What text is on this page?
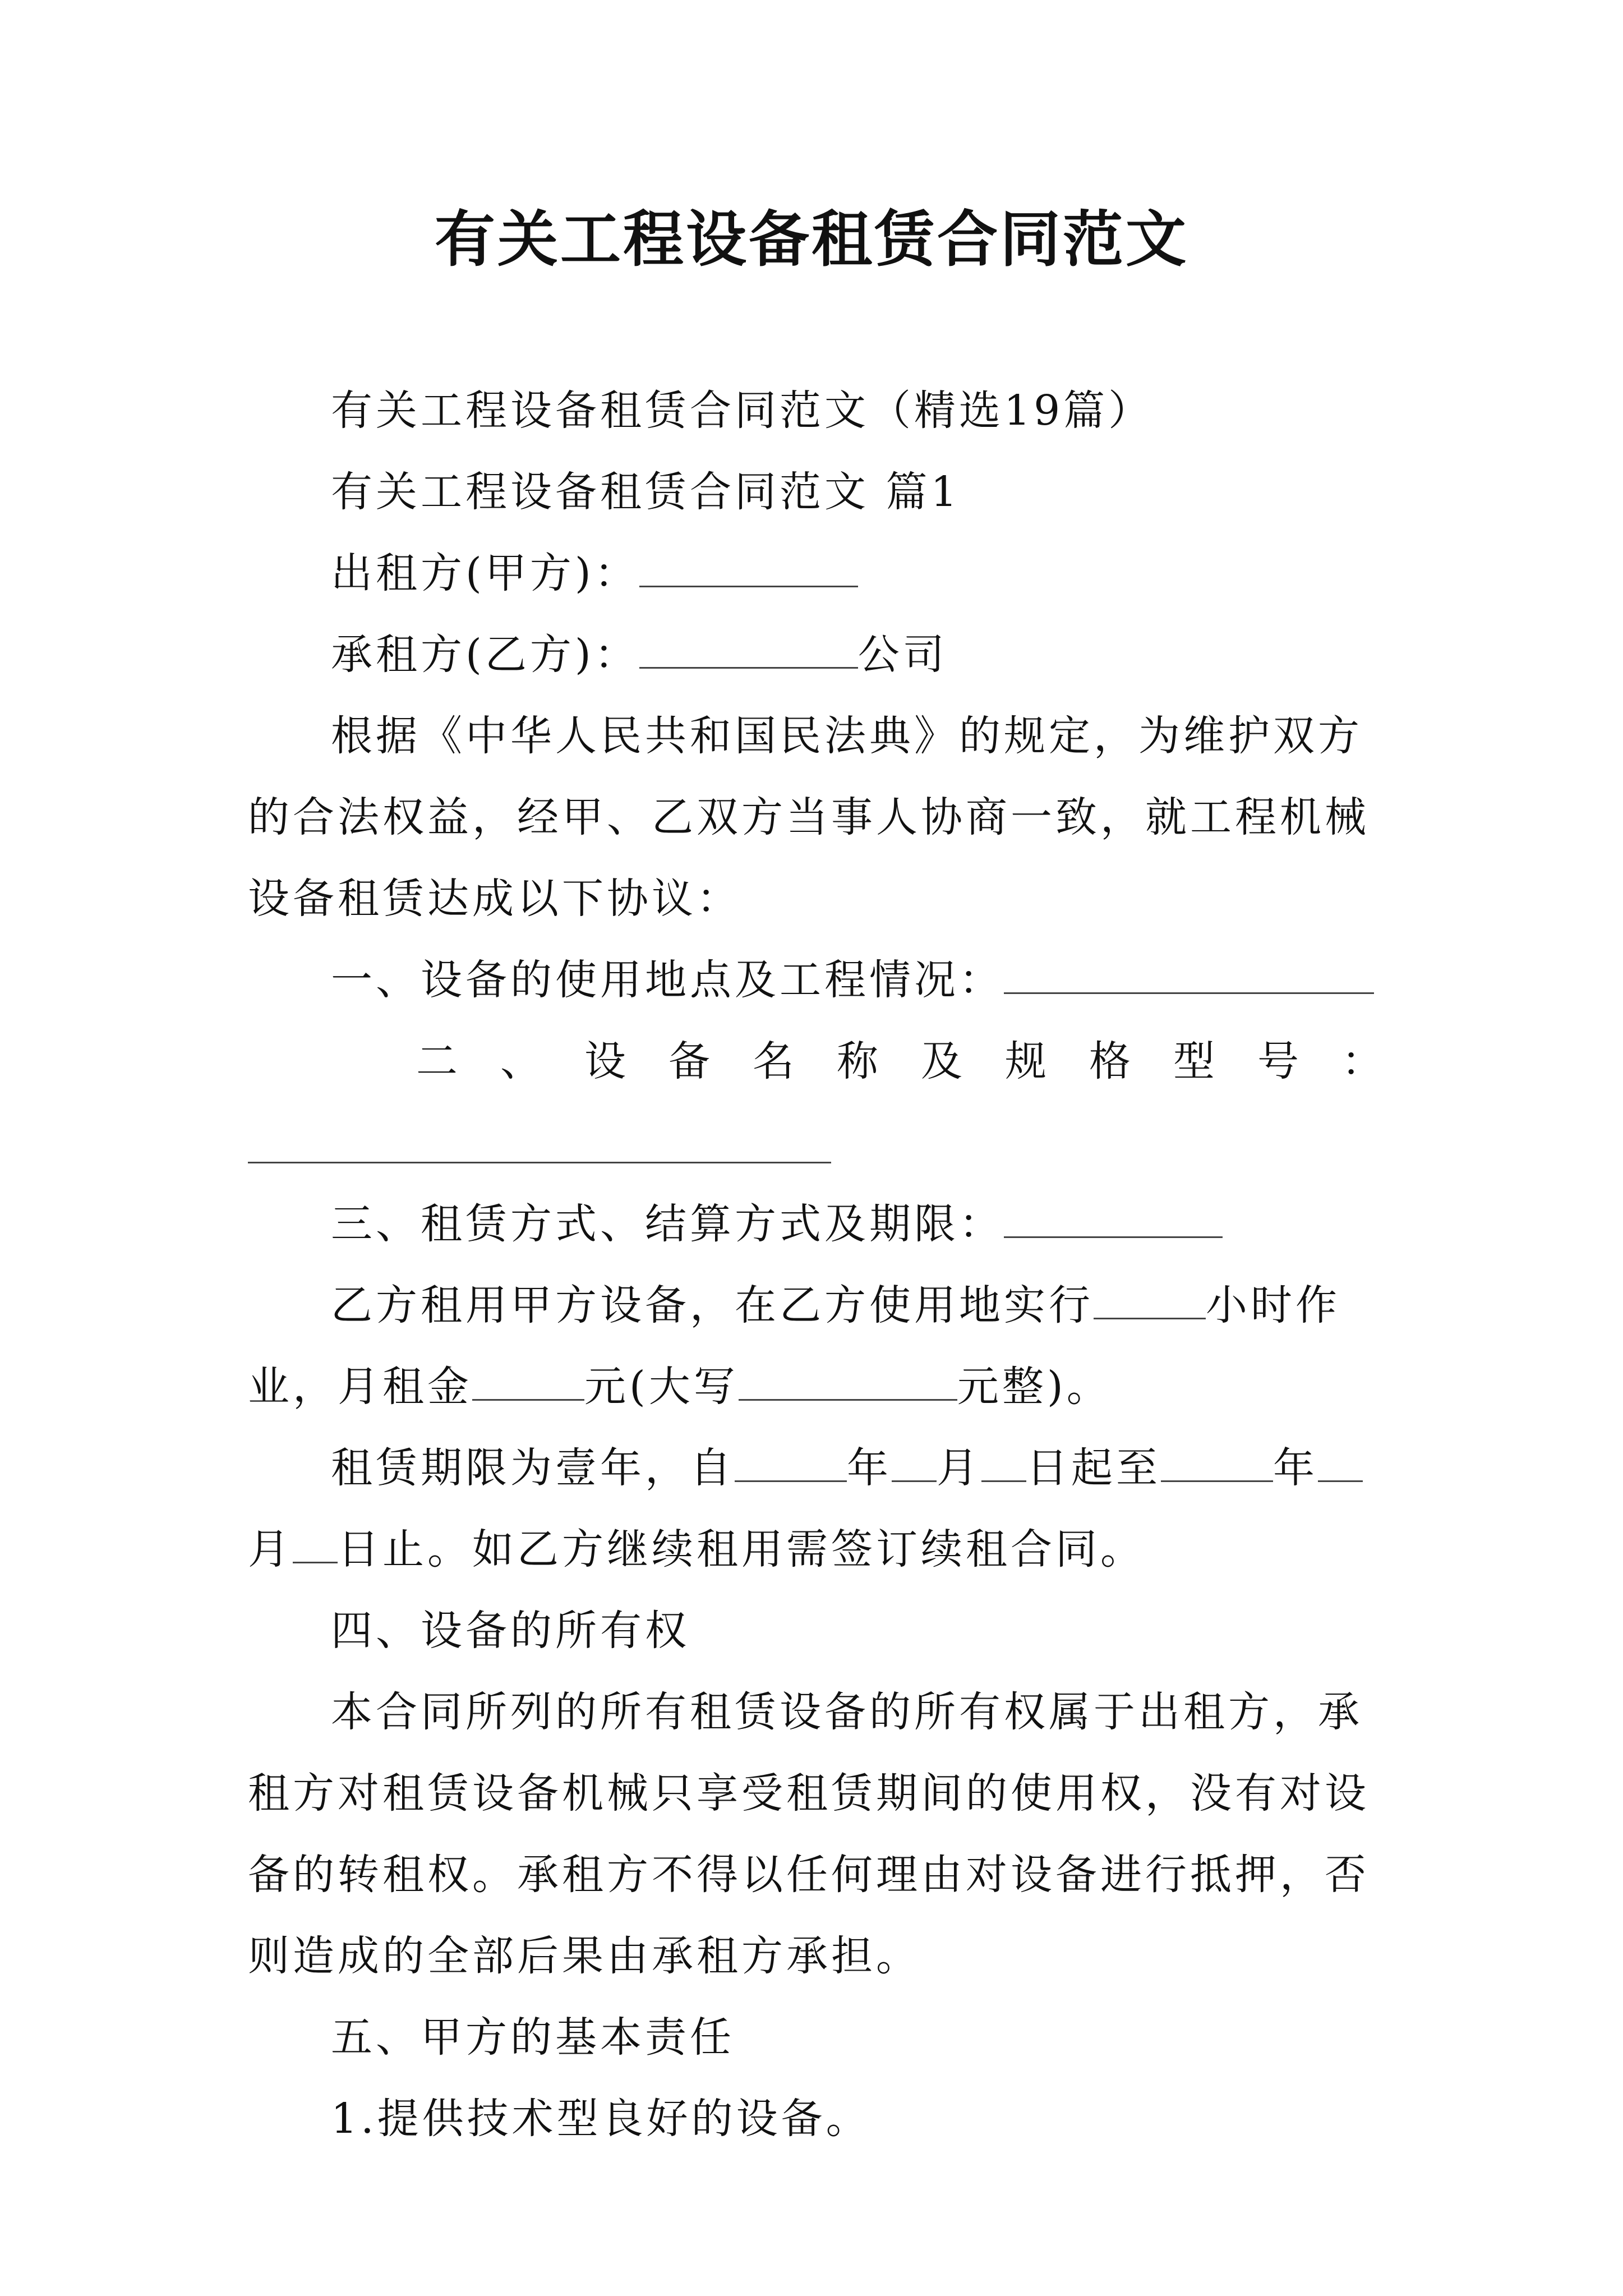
有关工程设备租赁合同范文

有关工程设备租赁合同范文（精选19篇）

有关工程设备租赁合同范文 篇1

出租方(甲方)：

承租方(乙方)：	公司

根据《中华人民共和国民法典》的规定，为维护双方的合法权益，经甲、乙双方当事人协商一致，就工程机械设备租赁达成以下协议：

一、设备的使用地点及工程情况：

二 、 设 备 名 称 及 规 格 型 号 ：

三、租赁方式、结算方式及期限：

乙方租用甲方设备，在乙方使用地实行	小时作业，月租金	元(大写	元整)。

租赁期限为壹年，自	年 月 日起至	年月 日止。如乙方继续租用需签订续租合同。

四、设备的所有权

本合同所列的所有租赁设备的所有权属于出租方，承租方对租赁设备机械只享受租赁期间的使用权，没有对设备的转租权。承租方不得以任何理由对设备进行抵押，否则造成的全部后果由承租方承担。

五、甲方的基本责任

1.提供技术型良好的设备。
